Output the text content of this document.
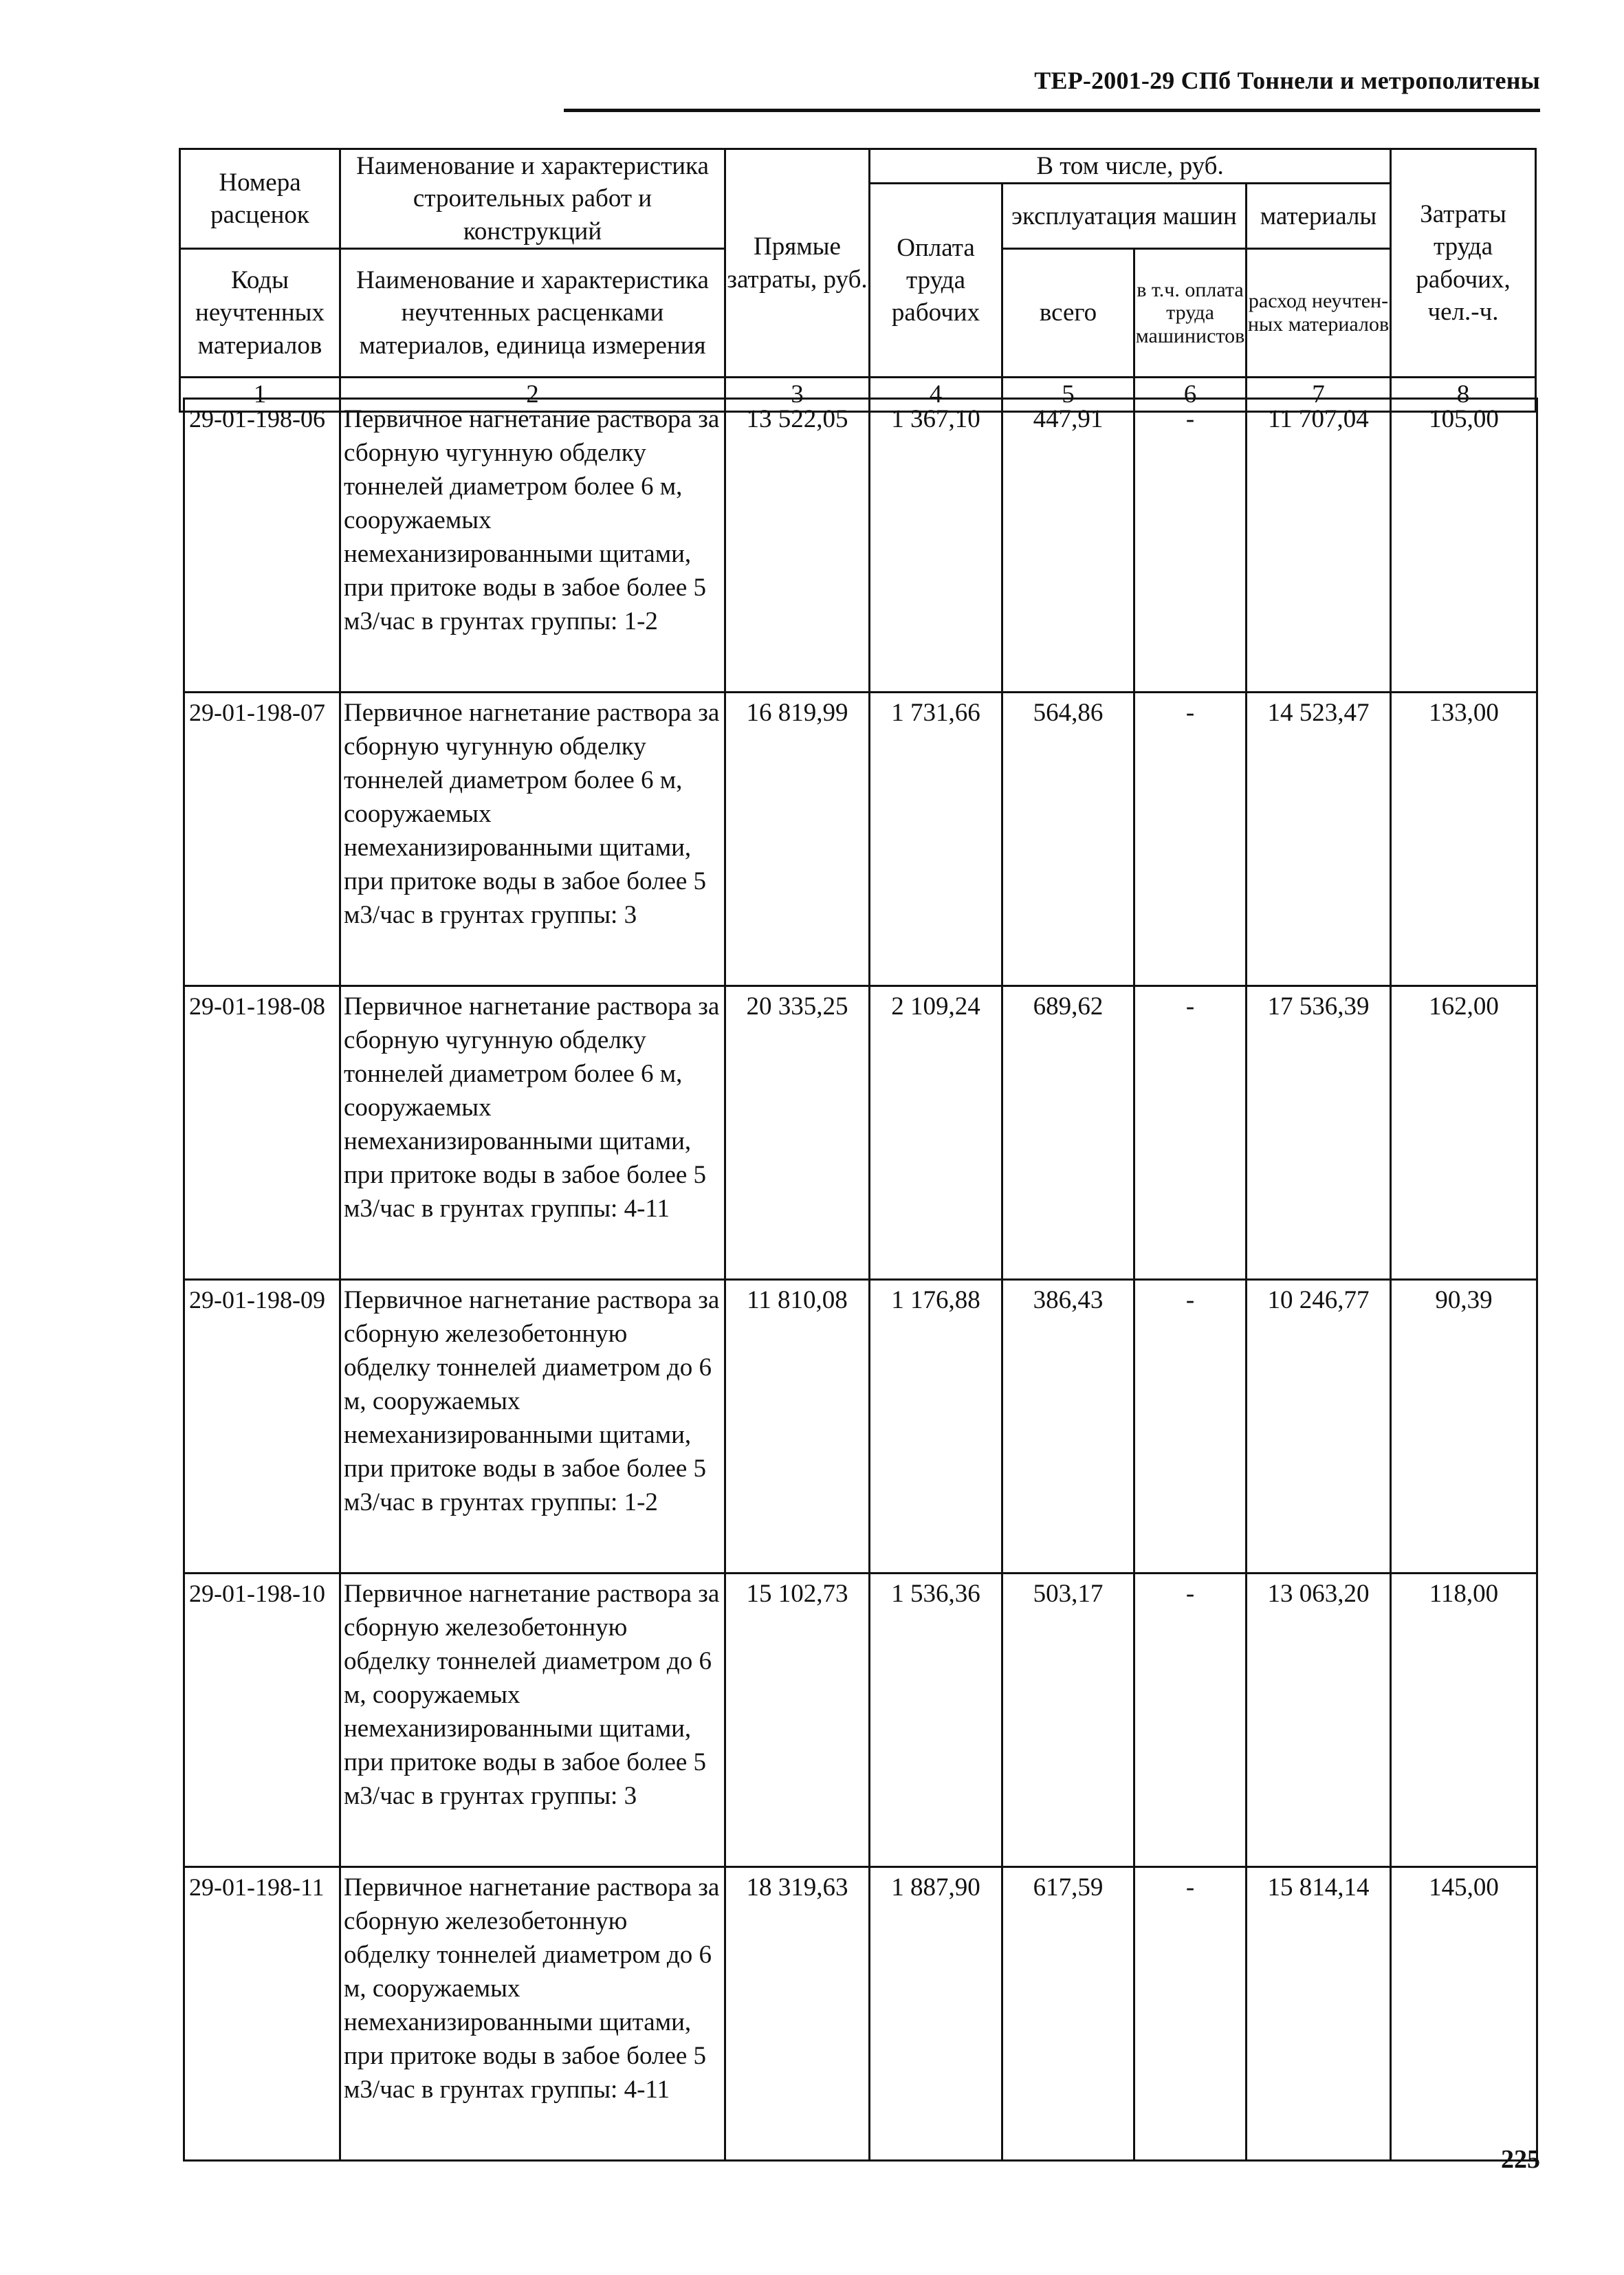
ТЕР-2001-29 СПб Тоннели и метрополитены
Номера расценок	Наименование и характеристика строительных работ и конструкций	Прямые затраты, руб.	В том числе, руб.				Затраты труда рабочих, чел.-ч.
			Оплата труда рабочих	эксплуатация машин		материалы	
Коды неучтенных материалов	Наименование и характеристика неучтенных расценками материалов, единица измерения			всего	в т.ч. оплата труда машинистов	расход неучтен-ных материалов	

1	2	3	4	5	6	7	8
29-01-198-06	Первичное нагнетание раствора за сборную чугунную обделку тоннелей диаметром более 6 м, сооружаемых немеханизированными щитами, при притоке воды в забое более 5 м3/час в грунтах группы: 1-2	13 522,05	1 367,10	447,91	-	11 707,04	105,00
29-01-198-07	Первичное нагнетание раствора за сборную чугунную обделку тоннелей диаметром более 6 м, сооружаемых немеханизированными щитами, при притоке воды в забое более 5 м3/час в грунтах группы: 3	16 819,99	1 731,66	564,86	-	14 523,47	133,00
29-01-198-08	Первичное нагнетание раствора за сборную чугунную обделку тоннелей диаметром более 6 м, сооружаемых немеханизированными щитами, при притоке воды в забое более 5 м3/час в грунтах группы: 4-11	20 335,25	2 109,24	689,62	-	17 536,39	162,00
29-01-198-09	Первичное нагнетание раствора за сборную железобетонную обделку тоннелей диаметром до 6 м, сооружаемых немеханизированными щитами, при притоке воды в забое более 5 м3/час в грунтах группы: 1-2	11 810,08	1 176,88	386,43	-	10 246,77	90,39
29-01-198-10	Первичное нагнетание раствора за сборную железобетонную обделку тоннелей диаметром до 6 м, сооружаемых немеханизированными щитами, при притоке воды в забое более 5 м3/час в грунтах группы: 3	15 102,73	1 536,36	503,17	-	13 063,20	118,00
29-01-198-11	Первичное нагнетание раствора за сборную железобетонную обделку тоннелей диаметром до 6 м, сооружаемых немеханизированными щитами, при притоке воды в забое более 5 м3/час в грунтах группы: 4-11	18 319,63	1 887,90	617,59	-	15 814,14	145,00
225
